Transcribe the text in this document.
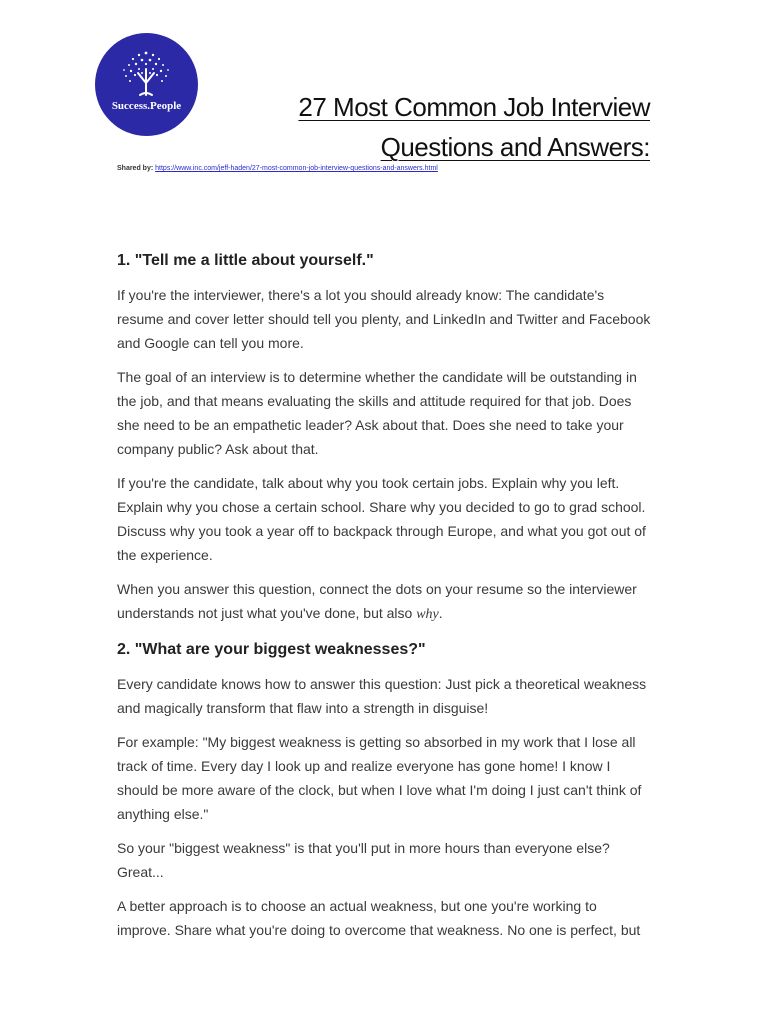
Success.People	27 Most Common Job Interview
Questions and Answers:
Shared by: https://www.inc.com/jeff-haden/27-most-common-job-interview-questions-and-answers.html
1. "Tell me a little about yourself."

If you're the interviewer, there's a lot you should already know: The candidate's resume and cover letter should tell you plenty, and LinkedIn and Twitter and Facebook and Google can tell you more.

The goal of an interview is to determine whether the candidate will be outstanding in the job, and that means evaluating the skills and attitude required for that job. Does she need to be an empathetic leader? Ask about that. Does she need to take your company public? Ask about that.

If you're the candidate, talk about why you took certain jobs. Explain why you left. Explain why you chose a certain school. Share why you decided to go to grad school. Discuss why you took a year off to backpack through Europe, and what you got out of the experience.

When you answer this question, connect the dots on your resume so the interviewer understands not just what you've done, but also why.

2. "What are your biggest weaknesses?"

Every candidate knows how to answer this question: Just pick a theoretical weakness and magically transform that flaw into a strength in disguise!

For example: "My biggest weakness is getting so absorbed in my work that I lose all track of time. Every day I look up and realize everyone has gone home! I know I should be more aware of the clock, but when I love what I'm doing I just can't think of anything else."

So your "biggest weakness" is that you'll put in more hours than everyone else? Great...

A better approach is to choose an actual weakness, but one you're working to improve. Share what you're doing to overcome that weakness. No one is perfect, but
